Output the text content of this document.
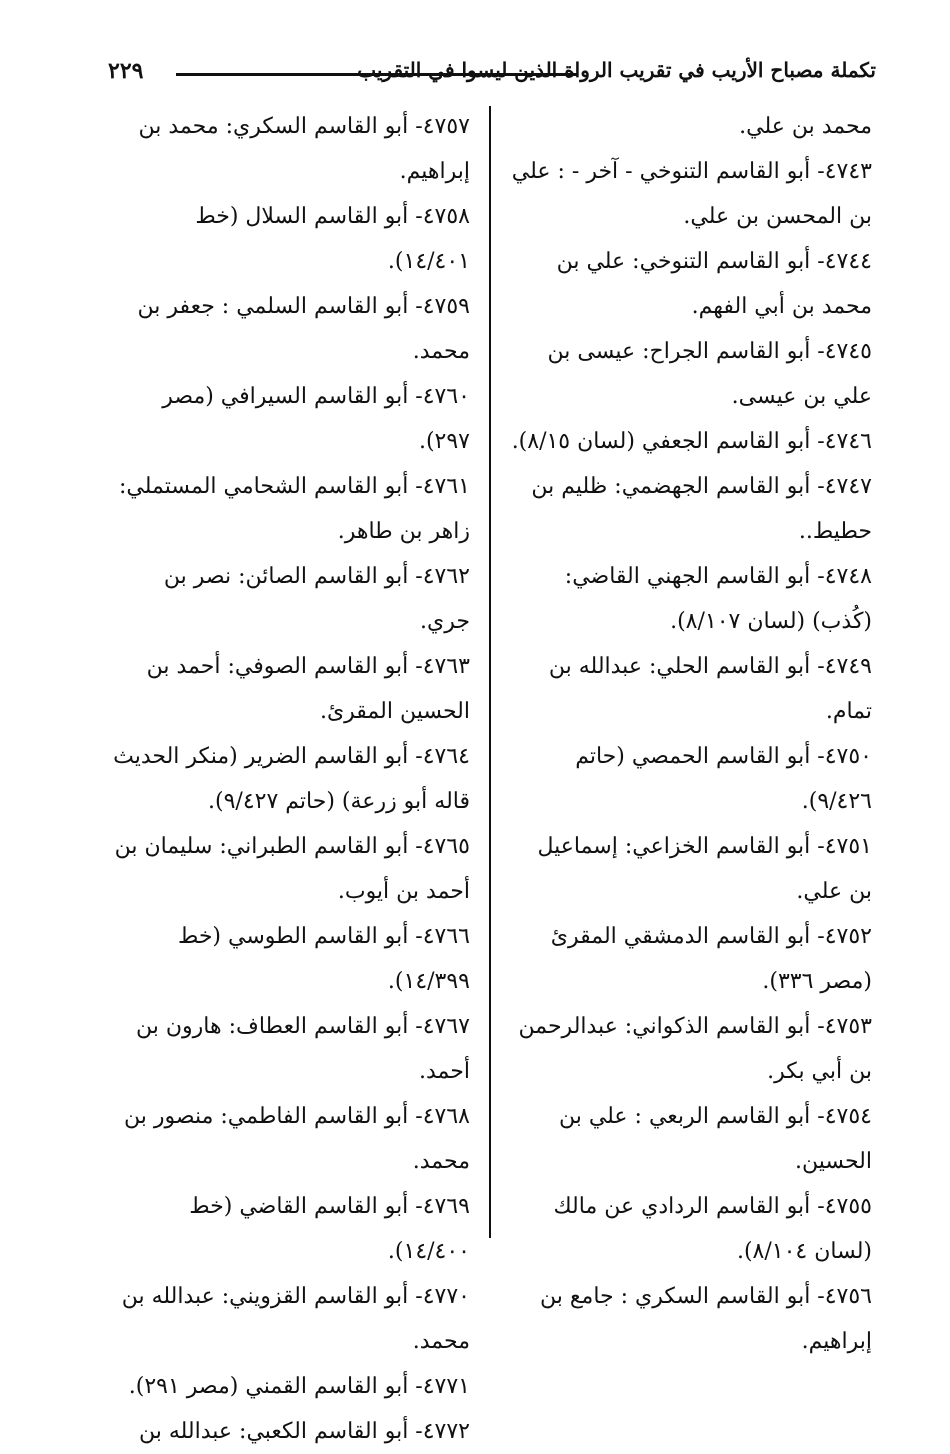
٢٢٩	تكملة مصباح الأريب في تقريب الرواة الذين ليسوا في التقريب

محمد بن علي.

٤٧٤٣- أبو القاسم التنوخي - آخر - : علي بن المحسن بن علي.

٤٧٤٤- أبو القاسم التنوخي: علي بن محمد بن أبي الفهم.

٤٧٤٥- أبو القاسم الجراح: عيسى بن علي بن عيسى.

٤٧٤٦- أبو القاسم الجعفي (لسان ٨/١٥).

٤٧٤٧- أبو القاسم الجهضمي: ظليم بن حطيط..

٤٧٤٨- أبو القاسم الجهني القاضي: (كُذب) (لسان ٨/١٠٧).

٤٧٤٩- أبو القاسم الحلي: عبدالله بن تمام.

٤٧٥٠- أبو القاسم الحمصي (حاتم ٩/٤٢٦).

٤٧٥١- أبو القاسم الخزاعي: إسماعيل بن علي.

٤٧٥٢- أبو القاسم الدمشقي المقرئ (مصر ٣٣٦).

٤٧٥٣- أبو القاسم الذكواني: عبدالرحمن بن أبي بكر.

٤٧٥٤- أبو القاسم الربعي : علي بن الحسين.

٤٧٥٥- أبو القاسم الردادي عن مالك (لسان ٨/١٠٤).

٤٧٥٦- أبو القاسم السكري : جامع بن إبراهيم.

٤٧٥٧- أبو القاسم السكري: محمد بن إبراهيم.

٤٧٥٨- أبو القاسم السلال (خط ١٤/٤٠١).

٤٧٥٩- أبو القاسم السلمي : جعفر بن محمد.

٤٧٦٠- أبو القاسم السيرافي (مصر ٢٩٧).

٤٧٦١- أبو القاسم الشحامي المستملي: زاهر بن طاهر.

٤٧٦٢- أبو القاسم الصائن: نصر بن جري.

٤٧٦٣- أبو القاسم الصوفي: أحمد بن الحسين المقرئ.

٤٧٦٤- أبو القاسم الضرير (منكر الحديث قاله أبو زرعة) (حاتم ٩/٤٢٧).

٤٧٦٥- أبو القاسم الطبراني: سليمان بن أحمد بن أيوب.

٤٧٦٦- أبو القاسم الطوسي (خط ١٤/٣٩٩).

٤٧٦٧- أبو القاسم العطاف: هارون بن أحمد.

٤٧٦٨- أبو القاسم الفاطمي: منصور بن محمد.

٤٧٦٩- أبو القاسم القاضي (خط ١٤/٤٠٠).

٤٧٧٠- أبو القاسم القزويني: عبدالله بن محمد.

٤٧٧١- أبو القاسم القمني (مصر ٢٩١).

٤٧٧٢- أبو القاسم الكعبي: عبدالله بن
